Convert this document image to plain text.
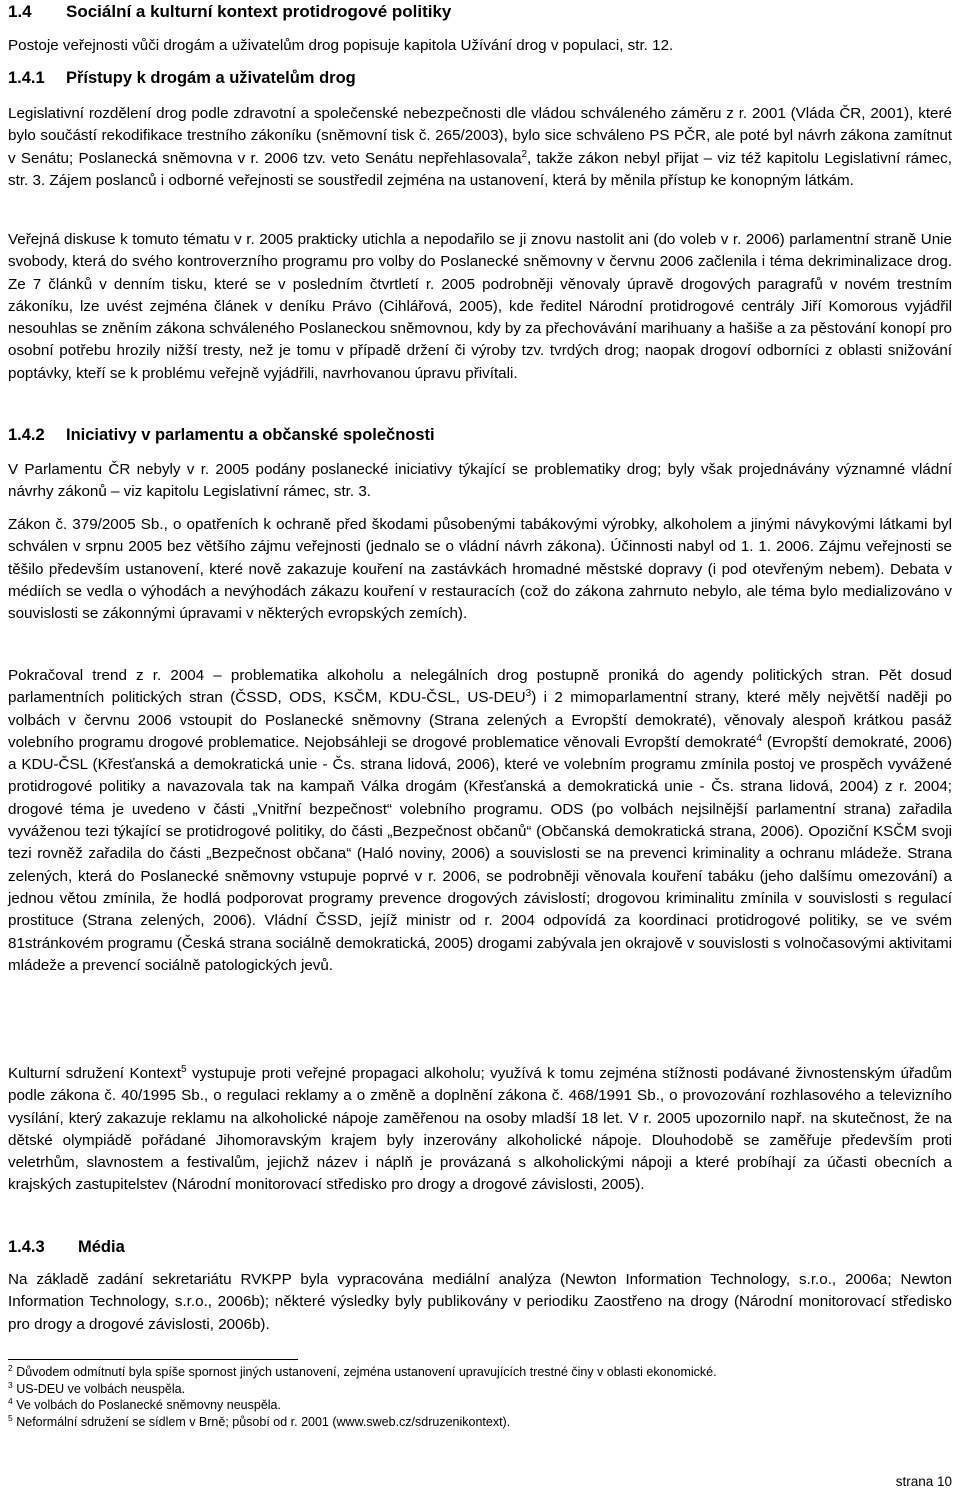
1.4 Sociální a kulturní kontext protidrogové politiky

Postoje veřejnosti vůči drogám a uživatelům drog popisuje kapitola Užívání drog v populaci, str. 12.

1.4.1 Přístupy k drogám a uživatelům drog

Legislativní rozdělení drog podle zdravotní a společenské nebezpečnosti dle vládou schváleného záměru z r. 2001 (Vláda ČR, 2001), které bylo součástí rekodifikace trestního zákoníku (sněmovní tisk č. 265/2003), bylo sice schváleno PS PČR, ale poté byl návrh zákona zamítnut v Senátu; Poslanecká sněmovna v r. 2006 tzv. veto Senátu nepřehlasovala$^2$, takže zákon nebyl přijat – viz též kapitolu Legislativní rámec, str. 3. Zájem poslanců i odborné veřejnosti se soustředil zejména na ustanovení, která by měnila přístup ke konopným látkám.

Veřejná diskuse k tomuto tématu v r. 2005 prakticky utichla a nepodařilo se ji znovu nastolit ani (do voleb v r. 2006) parlamentní straně Unie svobody, která do svého kontroverzního programu pro volby do Poslanecké sněmovny v červnu 2006 začlenila i téma dekriminalizace drog. Ze 7 článků v denním tisku, které se v posledním čtvrtletí r. 2005 podrobněji věnovaly úpravě drogových paragrafů v novém trestním zákoníku, lze uvést zejména článek v deníku Právo (Cihlářová, 2005), kde ředitel Národní protidrogové centrály Jiří Komorous vyjádřil nesouhlas se zněním zákona schváleného Poslaneckou sněmovnou, kdy by za přechovávání marihuany a hašiše a za pěstování konopí pro osobní potřebu hrozily nižší tresty, než je tomu v případě držení či výroby tzv. tvrdých drog; naopak drogoví odborníci z oblasti snižování poptávky, kteří se k problému veřejně vyjádřili, navrhovanou úpravu přivítali.

1.4.2 Iniciativy v parlamentu a občanské společnosti

V Parlamentu ČR nebyly v r. 2005 podány poslanecké iniciativy týkající se problematiky drog; byly však projednávány významné vládní návrhy zákonů – viz kapitolu Legislativní rámec, str. 3.

Zákon č. 379/2005 Sb., o opatřeních k ochraně před škodami působenými tabákovými výrobky, alkoholem a jinými návykovými látkami byl schválen v srpnu 2005 bez většího zájmu veřejnosti (jednalo se o vládní návrh zákona). Účinnosti nabyl od 1. 1. 2006. Zájmu veřejnosti se těšilo především ustanovení, které nově zakazuje kouření na zastávkách hromadné městské dopravy (i pod otevřeným nebem). Debata v médiích se vedla o výhodách a nevýhodách zákazu kouření v restauracích (což do zákona zahrnuto nebylo, ale téma bylo medializováno v souvislosti se zákonnými úpravami v některých evropských zemích).

Pokračoval trend z r. 2004 – problematika alkoholu a nelegálních drog postupně proniká do agendy politických stran. Pět dosud parlamentních politických stran (ČSSD, ODS, KSČM, KDU-ČSL, US-DEU$^3$) i 2 mimoparlamentní strany, které měly největší naději po volbách v červnu 2006 vstoupit do Poslanecké sněmovny (Strana zelených a Evropští demokraté), věnovaly alespoň krátkou pasáž volebního programu drogové problematice. Nejobsáhleji se drogové problematice věnovali Evropští demokraté$^4$ (Evropští demokraté, 2006) a KDU-ČSL (Křesťanská a demokratická unie - Čs. strana lidová, 2006), které ve volebním programu zmínila postoj ve prospěch vyvážené protidrogové politiky a navazovala tak na kampaň Válka drogám (Křesťanská a demokratická unie - Čs. strana lidová, 2004) z r. 2004; drogové téma je uvedeno v části „Vnitřní bezpečnost“ volebního programu. ODS (po volbách nejsilnější parlamentní strana) zařadila vyváženou tezi týkající se protidrogové politiky, do části „Bezpečnost občanů“ (Občanská demokratická strana, 2006). Opoziční KSČM svoji tezi rovněž zařadila do části „Bezpečnost občana“ (Haló noviny, 2006) a souvislosti se na prevenci kriminality a ochranu mládeže. Strana zelených, která do Poslanecké sněmovny vstupuje poprvé v r. 2006, se podrobněji věnovala kouření tabáku (jeho dalšímu omezování) a jednou větou zmínila, že hodlá podporovat programy prevence drogových závislostí; drogovou kriminalitu zmínila v souvislosti s regulací prostituce (Strana zelených, 2006). Vládní ČSSD, jejíž ministr od r. 2004 odpovídá za koordinaci protidrogové politiky, se ve svém 81stránkovém programu (Česká strana sociálně demokratická, 2005) drogami zabývala jen okrajově v souvislosti s volnočasovými aktivitami mládeže a prevencí sociálně patologických jevů.

Kulturní sdružení Kontext$^5$ vystupuje proti veřejné propagaci alkoholu; využívá k tomu zejména stížnosti podávané živnostenským úřadům podle zákona č. 40/1995 Sb., o regulaci reklamy a o změně a doplnění zákona č. 468/1991 Sb., o provozování rozhlasového a televizního vysílání, který zakazuje reklamu na alkoholické nápoje zaměřenou na osoby mladší 18 let. V r. 2005 upozornilo např. na skutečnost, že na dětské olympiádě pořádané Jihomoravským krajem byly inzerovány alkoholické nápoje. Dlouhodobě se zaměřuje především proti veletrhům, slavnostem a festivalům, jejichž název i náplň je provázaná s alkoholickými nápoji a které probíhají za účasti obecních a krajských zastupitelstev (Národní monitorovací středisko pro drogy a drogové závislosti, 2005).

1.4.3 Média

Na základě zadání sekretariátu RVKPP byla vypracována mediální analýza (Newton Information Technology, s.r.o., 2006a; Newton Information Technology, s.r.o., 2006b); některé výsledky byly publikovány v periodiku Zaostřeno na drogy (Národní monitorovací středisko pro drogy a drogové závislosti, 2006b).

$^2$ Důvodem odmítnutí byla spíše spornost jiných ustanovení, zejména ustanovení upravujících trestné činy v oblasti ekonomické.

$^3$ US-DEU ve volbách neuspěla.

$^4$ Ve volbách do Poslanecké sněmovny neuspěla.

$^5$ Neformální sdružení se sídlem v Brně; působí od r. 2001 (www.sweb.cz/sdruzenikontext).

strana 10
